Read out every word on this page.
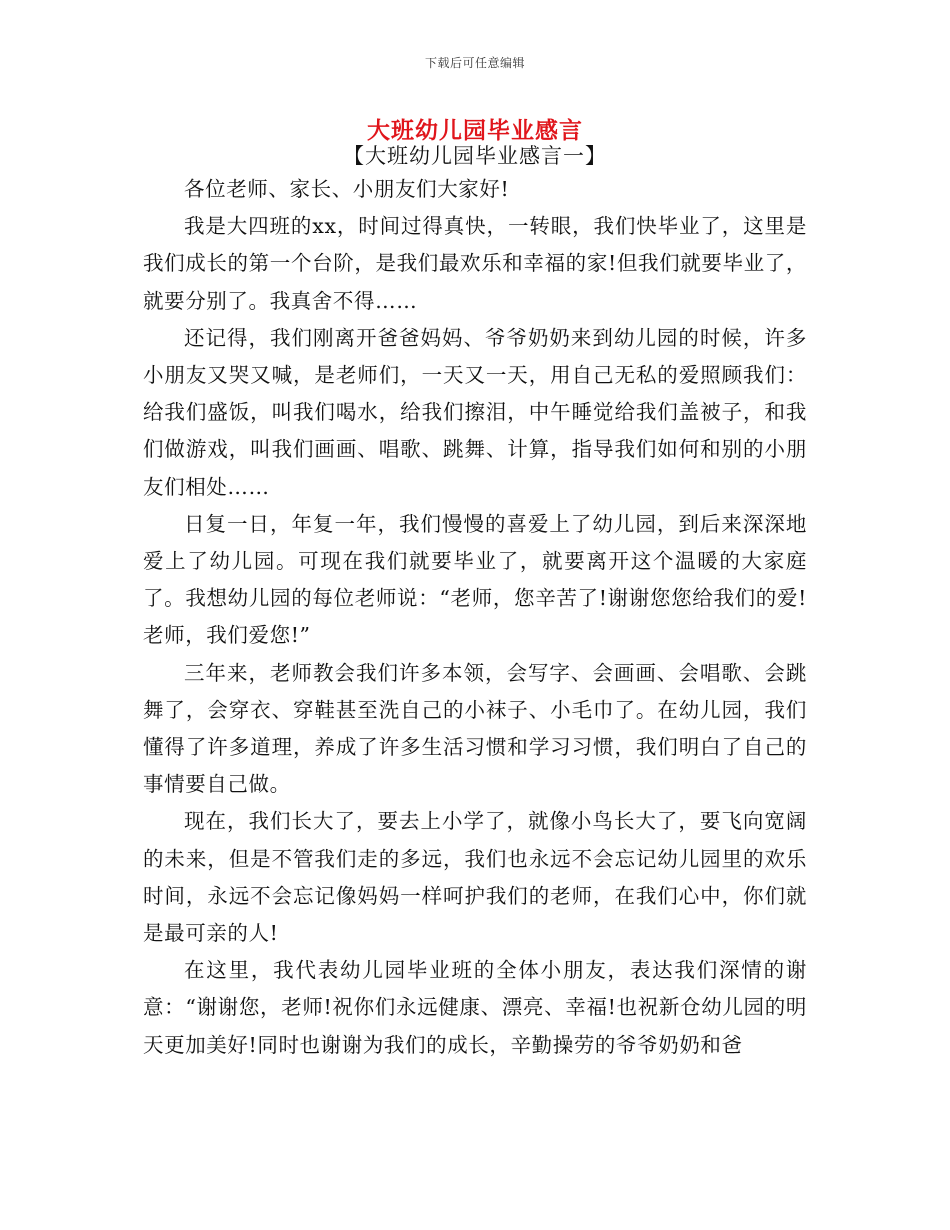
下载后可任意编辑
大班幼儿园毕业感言
【大班幼儿园毕业感言一】

各位老师、家长、小朋友们大家好!

我是大四班的xx，时间过得真快，一转眼，我们快毕业了，这里是我们成长的第一个台阶，是我们最欢乐和幸福的家!但我们就要毕业了，就要分别了。我真舍不得……

还记得，我们刚离开爸爸妈妈、爷爷奶奶来到幼儿园的时候，许多小朋友又哭又喊，是老师们，一天又一天，用自己无私的爱照顾我们：给我们盛饭，叫我们喝水，给我们擦泪，中午睡觉给我们盖被子，和我们做游戏，叫我们画画、唱歌、跳舞、计算，指导我们如何和别的小朋友们相处……

日复一日，年复一年，我们慢慢的喜爱上了幼儿园，到后来深深地爱上了幼儿园。可现在我们就要毕业了，就要离开这个温暖的大家庭了。我想幼儿园的每位老师说：“老师，您辛苦了!谢谢您您给我们的爱!老师，我们爱您!”

三年来，老师教会我们许多本领，会写字、会画画、会唱歌、会跳舞了，会穿衣、穿鞋甚至洗自己的小袜子、小毛巾了。在幼儿园，我们懂得了许多道理，养成了许多生活习惯和学习习惯，我们明白了自己的事情要自己做。

现在，我们长大了，要去上小学了，就像小鸟长大了，要飞向宽阔的未来，但是不管我们走的多远，我们也永远不会忘记幼儿园里的欢乐时间，永远不会忘记像妈妈一样呵护我们的老师，在我们心中，你们就是最可亲的人!

在这里，我代表幼儿园毕业班的全体小朋友，表达我们深情的谢意：“谢谢您，老师!祝你们永远健康、漂亮、幸福!也祝新仓幼儿园的明天更加美好!同时也谢谢为我们的成长，辛勤操劳的爷爷奶奶和爸
